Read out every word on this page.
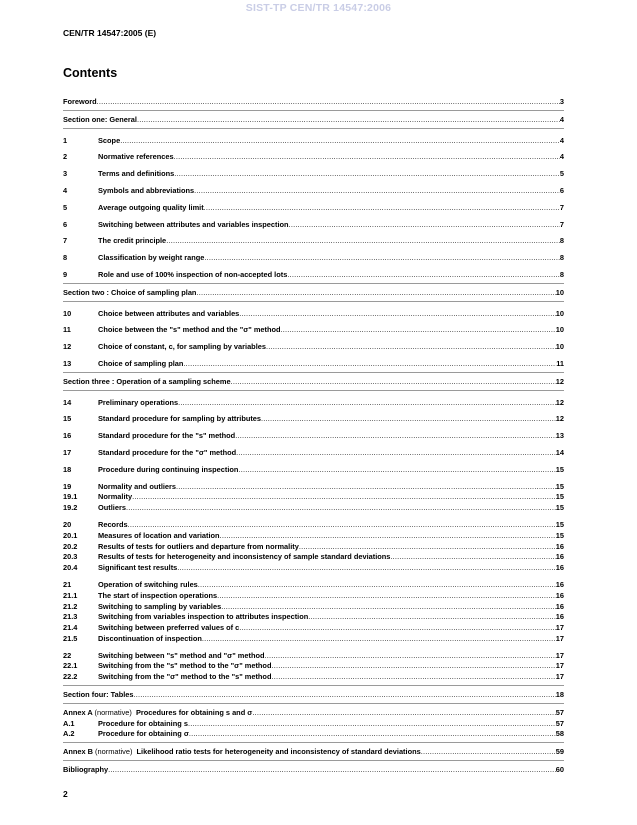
SIST-TP CEN/TR 14547:2006
CEN/TR 14547:2005 (E)
Contents
Foreword .....	3
Section one: General .....	4
1	Scope .....	4
2	Normative references .....	4
3	Terms and definitions .....	5
4	Symbols and abbreviations .....	6
5	Average outgoing quality limit .....	7
6	Switching between attributes and variables inspection .....	7
7	The credit principle .....	8
8	Classification by weight range .....	8
9	Role and use of 100% inspection of non-accepted lots .....	8
Section two : Choice of sampling plan .....	10
10	Choice between attributes and variables .....	10
11	Choice between the "s" method and the "σ" method .....	10
12	Choice of constant, c, for sampling by variables .....	10
13	Choice of sampling plan .....	11
Section three : Operation of a sampling scheme .....	12
14	Preliminary operations .....	12
15	Standard procedure for sampling by attributes .....	12
16	Standard procedure for the "s" method .....	13
17	Standard procedure for the "σ" method .....	14
18	Procedure during continuing inspection .....	15
19	Normality and outliers .....	15
19.1	Normality .....	15
19.2	Outliers .....	15
20	Records .....	15
20.1	Measures of location and variation .....	15
20.2	Results of tests for outliers and departure from normality .....	16
20.3	Results of tests for heterogeneity and inconsistency of sample standard deviations .....	16
20.4	Significant test results .....	16
21	Operation of switching rules .....	16
21.1	The start of inspection operations .....	16
21.2	Switching to sampling by variables .....	16
21.3	Switching from variables inspection to attributes inspection .....	16
21.4	Switching between preferred values of c .....	17
21.5	Discontinuation of inspection .....	17
22	Switching between "s" method and "σ" method .....	17
22.1	Switching from the "s" method to the "σ" method .....	17
22.2	Switching from the "σ" method to the "s" method .....	17
Section four: Tables .....	18
Annex A (normative) Procedures for obtaining s and σ .....	57
A.1	Procedure for obtaining s .....	57
A.2	Procedure for obtaining σ .....	58
Annex B (normative) Likelihood ratio tests for heterogeneity and inconsistency of standard deviations .....	59
Bibliography .....	60
2
